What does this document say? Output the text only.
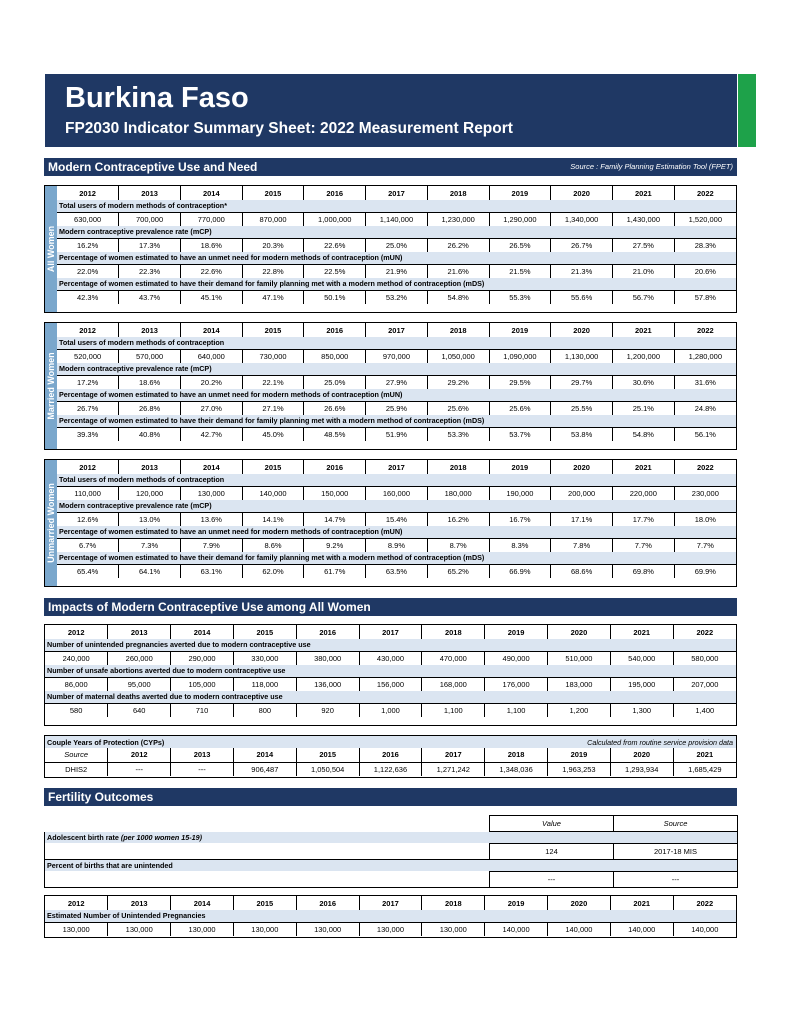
Burkina Faso
FP2030 Indicator Summary Sheet: 2022 Measurement Report
Modern Contraceptive Use and Need	Source : Family Planning Estimation Tool (FPET)
All Women
2012	2013	2014	2015	2016	2017	2018	2019	2020	2021	2022
Total users of modern methods of contraception*										
630,000	700,000	770,000	870,000	1,000,000	1,140,000	1,230,000	1,290,000	1,340,000	1,430,000	1,520,000
Modern contraceptive prevalence rate (mCP)										
16.2%	17.3%	18.6%	20.3%	22.6%	25.0%	26.2%	26.5%	26.7%	27.5%	28.3%
Percentage of women estimated to have an unmet need for modern methods of contraception (mUN)										
22.0%	22.3%	22.6%	22.8%	22.5%	21.9%	21.6%	21.5%	21.3%	21.0%	20.6%
Percentage of women estimated to have their demand for family planning met with a modern method of contraception (mDS)										
42.3%	43.7%	45.1%	47.1%	50.1%	53.2%	54.8%	55.3%	55.6%	56.7%	57.8%
Married Women
2012	2013	2014	2015	2016	2017	2018	2019	2020	2021	2022
Total users of modern methods of contraception										
520,000	570,000	640,000	730,000	850,000	970,000	1,050,000	1,090,000	1,130,000	1,200,000	1,280,000
Modern contraceptive prevalence rate (mCP)										
17.2%	18.6%	20.2%	22.1%	25.0%	27.9%	29.2%	29.5%	29.7%	30.6%	31.6%
Percentage of women estimated to have an unmet need for modern methods of contraception (mUN)										
26.7%	26.8%	27.0%	27.1%	26.6%	25.9%	25.6%	25.6%	25.5%	25.1%	24.8%
Percentage of women estimated to have their demand for family planning met with a modern method of contraception (mDS)										
39.3%	40.8%	42.7%	45.0%	48.5%	51.9%	53.3%	53.7%	53.8%	54.8%	56.1%
Unmarried Women
2012	2013	2014	2015	2016	2017	2018	2019	2020	2021	2022
Total users of modern methods of contraception										
110,000	120,000	130,000	140,000	150,000	160,000	180,000	190,000	200,000	220,000	230,000
Modern contraceptive prevalence rate (mCP)										
12.6%	13.0%	13.6%	14.1%	14.7%	15.4%	16.2%	16.7%	17.1%	17.7%	18.0%
Percentage of women estimated to have an unmet need for modern methods of contraception (mUN)										
6.7%	7.3%	7.9%	8.6%	9.2%	8.9%	8.7%	8.3%	7.8%	7.7%	7.7%
Percentage of women estimated to have their demand for family planning met with a modern method of contraception (mDS)										
65.4%	64.1%	63.1%	62.0%	61.7%	63.5%	65.2%	66.9%	68.6%	69.8%	69.9%
Impacts of Modern Contraceptive Use among All Women
2012	2013	2014	2015	2016	2017	2018	2019	2020	2021	2022
Number of unintended pregnancies averted due to modern contraceptive use										
240,000	260,000	290,000	330,000	380,000	430,000	470,000	490,000	510,000	540,000	580,000
Number of unsafe abortions averted due to modern contraceptive use										
86,000	95,000	105,000	118,000	136,000	156,000	168,000	176,000	183,000	195,000	207,000
Number of maternal deaths averted due to modern contraceptive use										
580	640	710	800	920	1,000	1,100	1,100	1,200	1,300	1,400
Couple Years of Protection (CYPs)						Calculated from routine service provision data				
Source	2012	2013	2014	2015	2016	2017	2018	2019	2020	2021
DHIS2	---	---	906,487	1,050,504	1,122,636	1,271,242	1,348,036	1,963,253	1,293,934	1,685,429
Fertility Outcomes
	Value	Source
Adolescent birth rate (per 1000 women 15-19)		
	124	2017-18 MIS
Percent of births that are unintended		
	---	---
2012	2013	2014	2015	2016	2017	2018	2019	2020	2021	2022
Estimated Number of Unintended Pregnancies										
130,000	130,000	130,000	130,000	130,000	130,000	130,000	140,000	140,000	140,000	140,000
